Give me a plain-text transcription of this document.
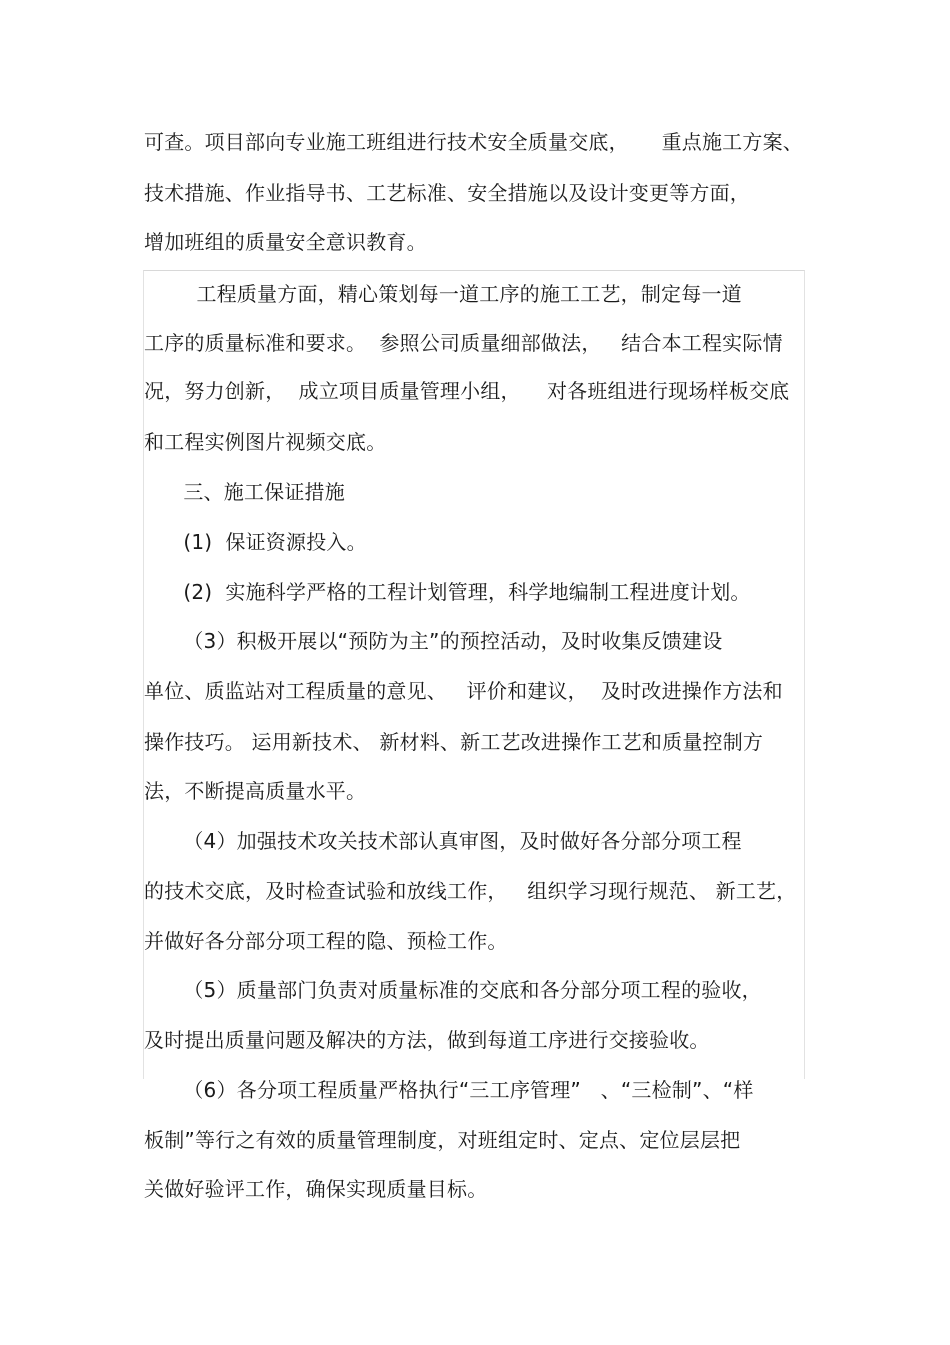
可查。项目部向专业施工班组进行技术安全质量交底，     重点施工方案、
技术措施、作业指导书、工艺标准、安全措施以及设计变更等方面，
增加班组的质量安全意识教育。
工程质量方面，精心策划每一道工序的施工工艺，制定每一道
工序的质量标准和要求。  参照公司质量细部做法，   结合本工程实际情
况，努力创新，  成立项目质量管理小组，    对各班组进行现场样板交底
和工程实例图片视频交底。
三、施工保证措施
(1)  保证资源投入。
(2)  实施科学严格的工程计划管理，科学地编制工程进度计划。
（3）积极开展以“预防为主”的预控活动，及时收集反馈建设
单位、质监站对工程质量的意见、   评价和建议，  及时改进操作方法和
操作技巧。 运用新技术、 新材料、新工艺改进操作工艺和质量控制方
法，不断提高质量水平。
（4）加强技术攻关技术部认真审图，及时做好各分部分项工程
的技术交底，及时检查试验和放线工作，   组织学习现行规范、 新工艺，
并做好各分部分项工程的隐、预检工作。
（5）质量部门负责对质量标准的交底和各分部分项工程的验收，
及时提出质量问题及解决的方法，做到每道工序进行交接验收。
（6）各分项工程质量严格执行“三工序管理”   、“三检制”、“样
板制”等行之有效的质量管理制度，对班组定时、定点、定位层层把
关做好验评工作，确保实现质量目标。
